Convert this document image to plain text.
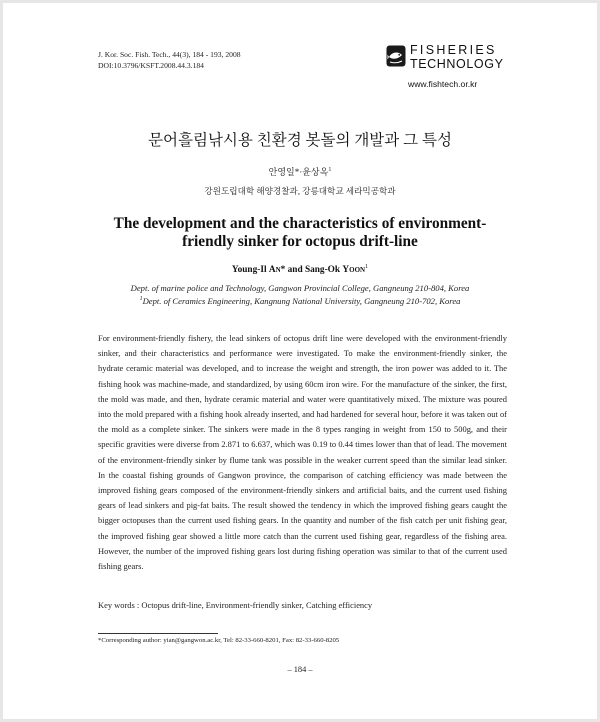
J. Kor. Soc. Fish. Tech., 44(3), 184 - 193, 2008
DOI:10.3796/KSFT.2008.44.3.184
FISHERIES
TECHNOLOGY
www.fishtech.or.kr
문어흘림낚시용 친환경 봇돌의 개발과 그 특성
안영일*·윤상옥$^1$
강원도립대학 해양경찰과, 강릉대학교 세라믹공학과
The development and the characteristics of environment-
friendly sinker for octopus drift-line
Young-Il An* and Sang-Ok Yoon$^1$
Dept. of marine police and Technology, Gangwon Provincial College, Gangneung 210-804, Korea
$^1$Dept. of Ceramics Engineering, Kangnung National University, Gangneung 210-702, Korea
For environment-friendly fishery, the lead sinkers of octopus drift line were developed with the environment-friendly sinker, and their characteristics and performance were investigated. To make the environment-friendly sinker, the hydrate ceramic material was developed, and to increase the weight and strength, the iron power was added to it. The fishing hook was machine-made, and standardized, by using 60cm iron wire. For the manufacture of the sinker, the first, the mold was made, and then, hydrate ceramic material and water were quantitatively mixed. The mixture was poured into the mold prepared with a fishing hook already inserted, and had hardened for several hour, before it was taken out of the mold as a complete sinker. The sinkers were made in the 8 types ranging in weight from 150 to 500g, and their specific gravities were diverse from 2.871 to 6.637, which was 0.19 to 0.44 times lower than that of lead. The movement of the environment-friendly sinker by flume tank was possible in the weaker current speed than the similar lead sinker. In the coastal fishing grounds of Gangwon province, the comparison of catching efficiency was made between the improved fishing gears composed of the environment-friendly sinkers and artificial baits, and the current used fishing gears of lead sinkers and pig-fat baits. The result showed the tendency in which the improved fishing gears caught the bigger octopuses than the current used fishing gears. In the quantity and number of the fish catch per unit fishing gear, the improved fishing gear showed a little more catch than the current used fishing gear, regardless of the fishing area. However, the number of the improved fishing gears lost during fishing operation was similar to that of the current used fishing gears.
Key words : Octopus drift-line, Environment-friendly sinker, Catching efficiency
*Corresponding author: yian@gangwon.ac.kr, Tel: 82-33-660-8201, Fax: 82-33-660-8205
– 184 –
